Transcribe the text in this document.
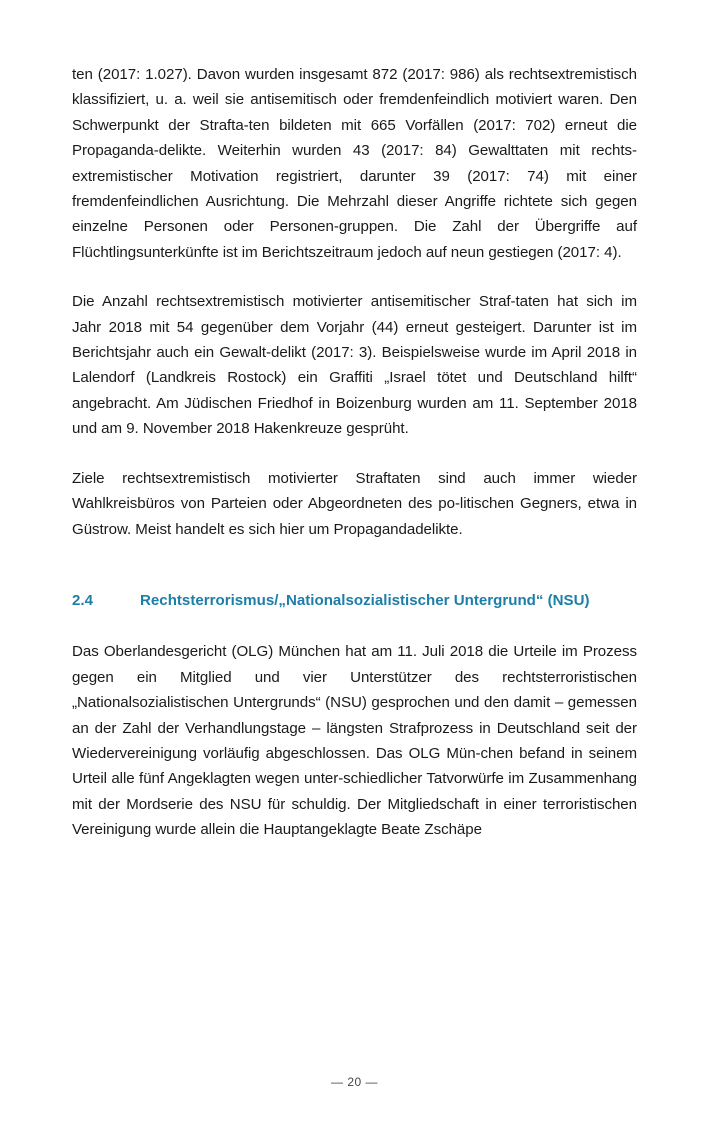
ten (2017: 1.027). Davon wurden insgesamt 872 (2017: 986) als rechtsextremistisch klassifiziert, u. a. weil sie antisemitisch oder fremdenfeindlich motiviert waren. Den Schwerpunkt der Strafta-ten bildeten mit 665 Vorfällen (2017: 702) erneut die Propaganda-delikte. Weiterhin wurden 43 (2017: 84) Gewalttaten mit rechts-extremistischer Motivation registriert, darunter 39 (2017: 74) mit einer fremdenfeindlichen Ausrichtung. Die Mehrzahl dieser Angriffe richtete sich gegen einzelne Personen oder Personen-gruppen. Die Zahl der Übergriffe auf Flüchtlingsunterkünfte ist im Berichtszeitraum jedoch auf neun gestiegen (2017: 4).

Die Anzahl rechtsextremistisch motivierter antisemitischer Straf-taten hat sich im Jahr 2018 mit 54 gegenüber dem Vorjahr (44) erneut gesteigert. Darunter ist im Berichtsjahr auch ein Gewalt-delikt (2017: 3). Beispielsweise wurde im April 2018 in Lalendorf (Landkreis Rostock) ein Graffiti „Israel tötet und Deutschland hilft“ angebracht. Am Jüdischen Friedhof in Boizenburg wurden am 11. September 2018 und am 9. November 2018 Hakenkreuze gesprüht.

Ziele rechtsextremistisch motivierter Straftaten sind auch immer wieder Wahlkreisbüros von Parteien oder Abgeordneten des po-litischen Gegners, etwa in Güstrow. Meist handelt es sich hier um Propagandadelikte.

2.4	Rechtsterrorismus/„Nationalsozialistischer Untergrund“ (NSU)

Das Oberlandesgericht (OLG) München hat am 11. Juli 2018 die Urteile im Prozess gegen ein Mitglied und vier Unterstützer des rechtsterroristischen „Nationalsozialistischen Untergrunds“ (NSU) gesprochen und den damit – gemessen an der Zahl der Verhandlungstage – längsten Strafprozess in Deutschland seit der Wiedervereinigung vorläufig abgeschlossen. Das OLG Mün-chen befand in seinem Urteil alle fünf Angeklagten wegen unter-schiedlicher Tatvorwürfe im Zusammenhang mit der Mordserie des NSU für schuldig. Der Mitgliedschaft in einer terroristischen Vereinigung wurde allein die Hauptangeklagte Beate Zschäpe

— 20 —
